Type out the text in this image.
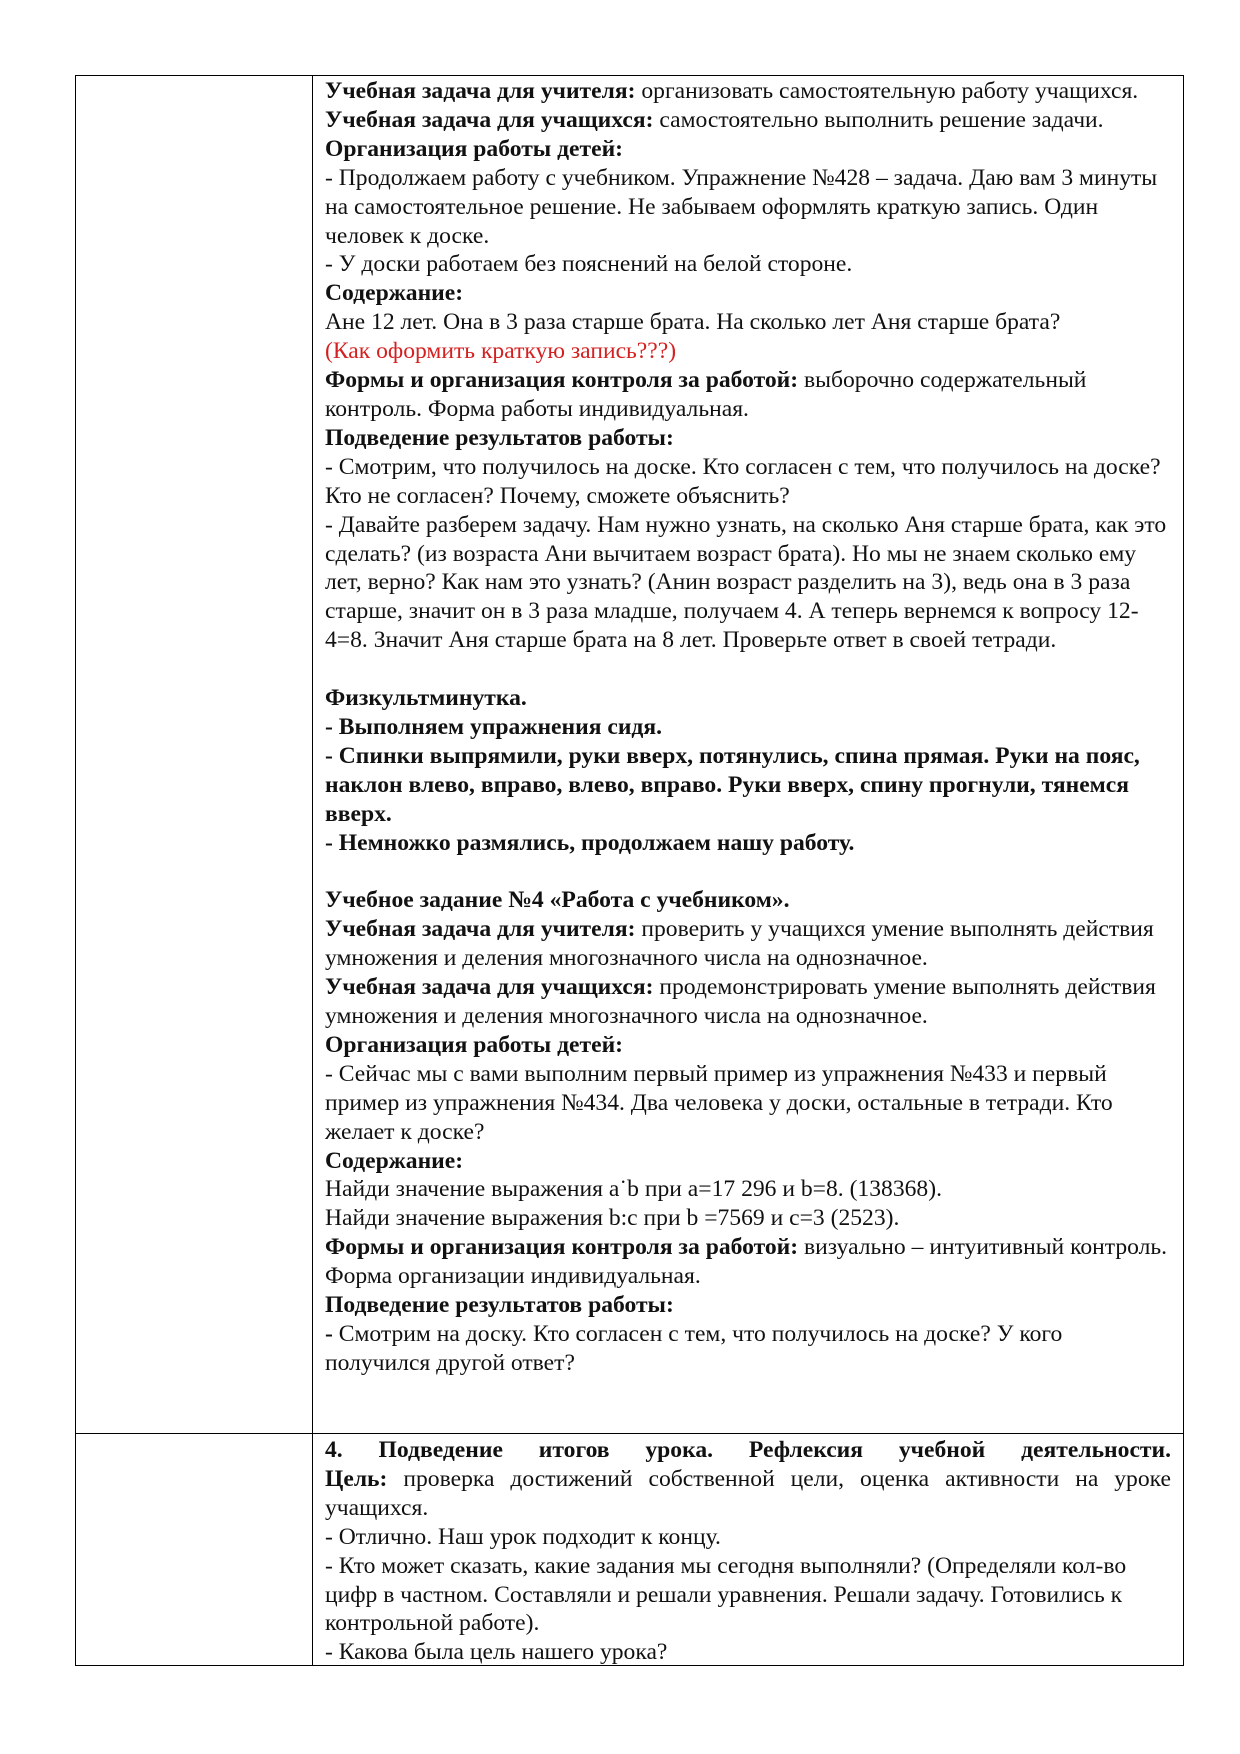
Учебная задача для учителя: организовать самостоятельную работу учащихся.

Учебная задача для учащихся: самостоятельно выполнить решение задачи.

Организация работы детей:

- Продолжаем работу с учебником. Упражнение №428 – задача. Даю вам 3 минуты на самостоятельное решение. Не забываем оформлять краткую запись. Один человек к доске.

- У доски работаем без пояснений на белой стороне.

Содержание:

Ане 12 лет. Она в 3 раза старше брата. На сколько лет Аня старше брата?

(Как оформить краткую запись???)

Формы и организация контроля за работой: выборочно содержательный контроль. Форма работы индивидуальная.

Подведение результатов работы:

- Смотрим, что получилось на доске. Кто согласен с тем, что получилось на доске? Кто не согласен? Почему, сможете объяснить?

- Давайте разберем задачу. Нам нужно узнать, на сколько Аня старше брата, как это сделать? (из возраста Ани вычитаем возраст брата). Но мы не знаем сколько ему лет, верно? Как нам это узнать? (Анин возраст разделить на 3), ведь она в 3 раза старше, значит он в 3 раза младше, получаем 4. А теперь вернемся к вопросу 12-4=8. Значит Аня старше брата на 8 лет. Проверьте ответ в своей тетради.

Физкультминутка.

- Выполняем упражнения сидя.

- Спинки выпрямили, руки вверх, потянулись, спина прямая. Руки на пояс, наклон влево, вправо, влево, вправо. Руки вверх, спину прогнули, тянемся вверх.

- Немножко размялись, продолжаем нашу работу.

Учебное задание №4 «Работа с учебником».

Учебная задача для учителя: проверить у учащихся умение выполнять действия умножения и деления многозначного числа на однозначное.

Учебная задача для учащихся: продемонстрировать умение выполнять действия умножения и деления многозначного числа на однозначное.

Организация работы детей:

- Сейчас мы с вами выполним первый пример из упражнения №433 и первый пример из упражнения №434. Два человека у доски, остальные в тетради. Кто желает к доске?

Содержание:

Найди значение выражения a˙b при a=17 296 и b=8. (138368).

Найди значение выражения b:c при b =7569 и c=3 (2523).

Формы и организация контроля за работой: визуально – интуитивный контроль. Форма организации индивидуальная.

Подведение результатов работы:

- Смотрим на доску. Кто согласен с тем, что получилось на доске? У кого получился другой ответ?

4. Подведение итогов урока. Рефлексия учебной деятельности.

Цель: проверка достижений собственной цели, оценка активности на уроке учащихся.

- Отлично. Наш урок подходит к концу.

- Кто может сказать, какие задания мы сегодня выполняли? (Определяли кол-во цифр в частном. Составляли и решали уравнения. Решали задачу. Готовились к контрольной работе).

- Какова была цель нашего урока?
